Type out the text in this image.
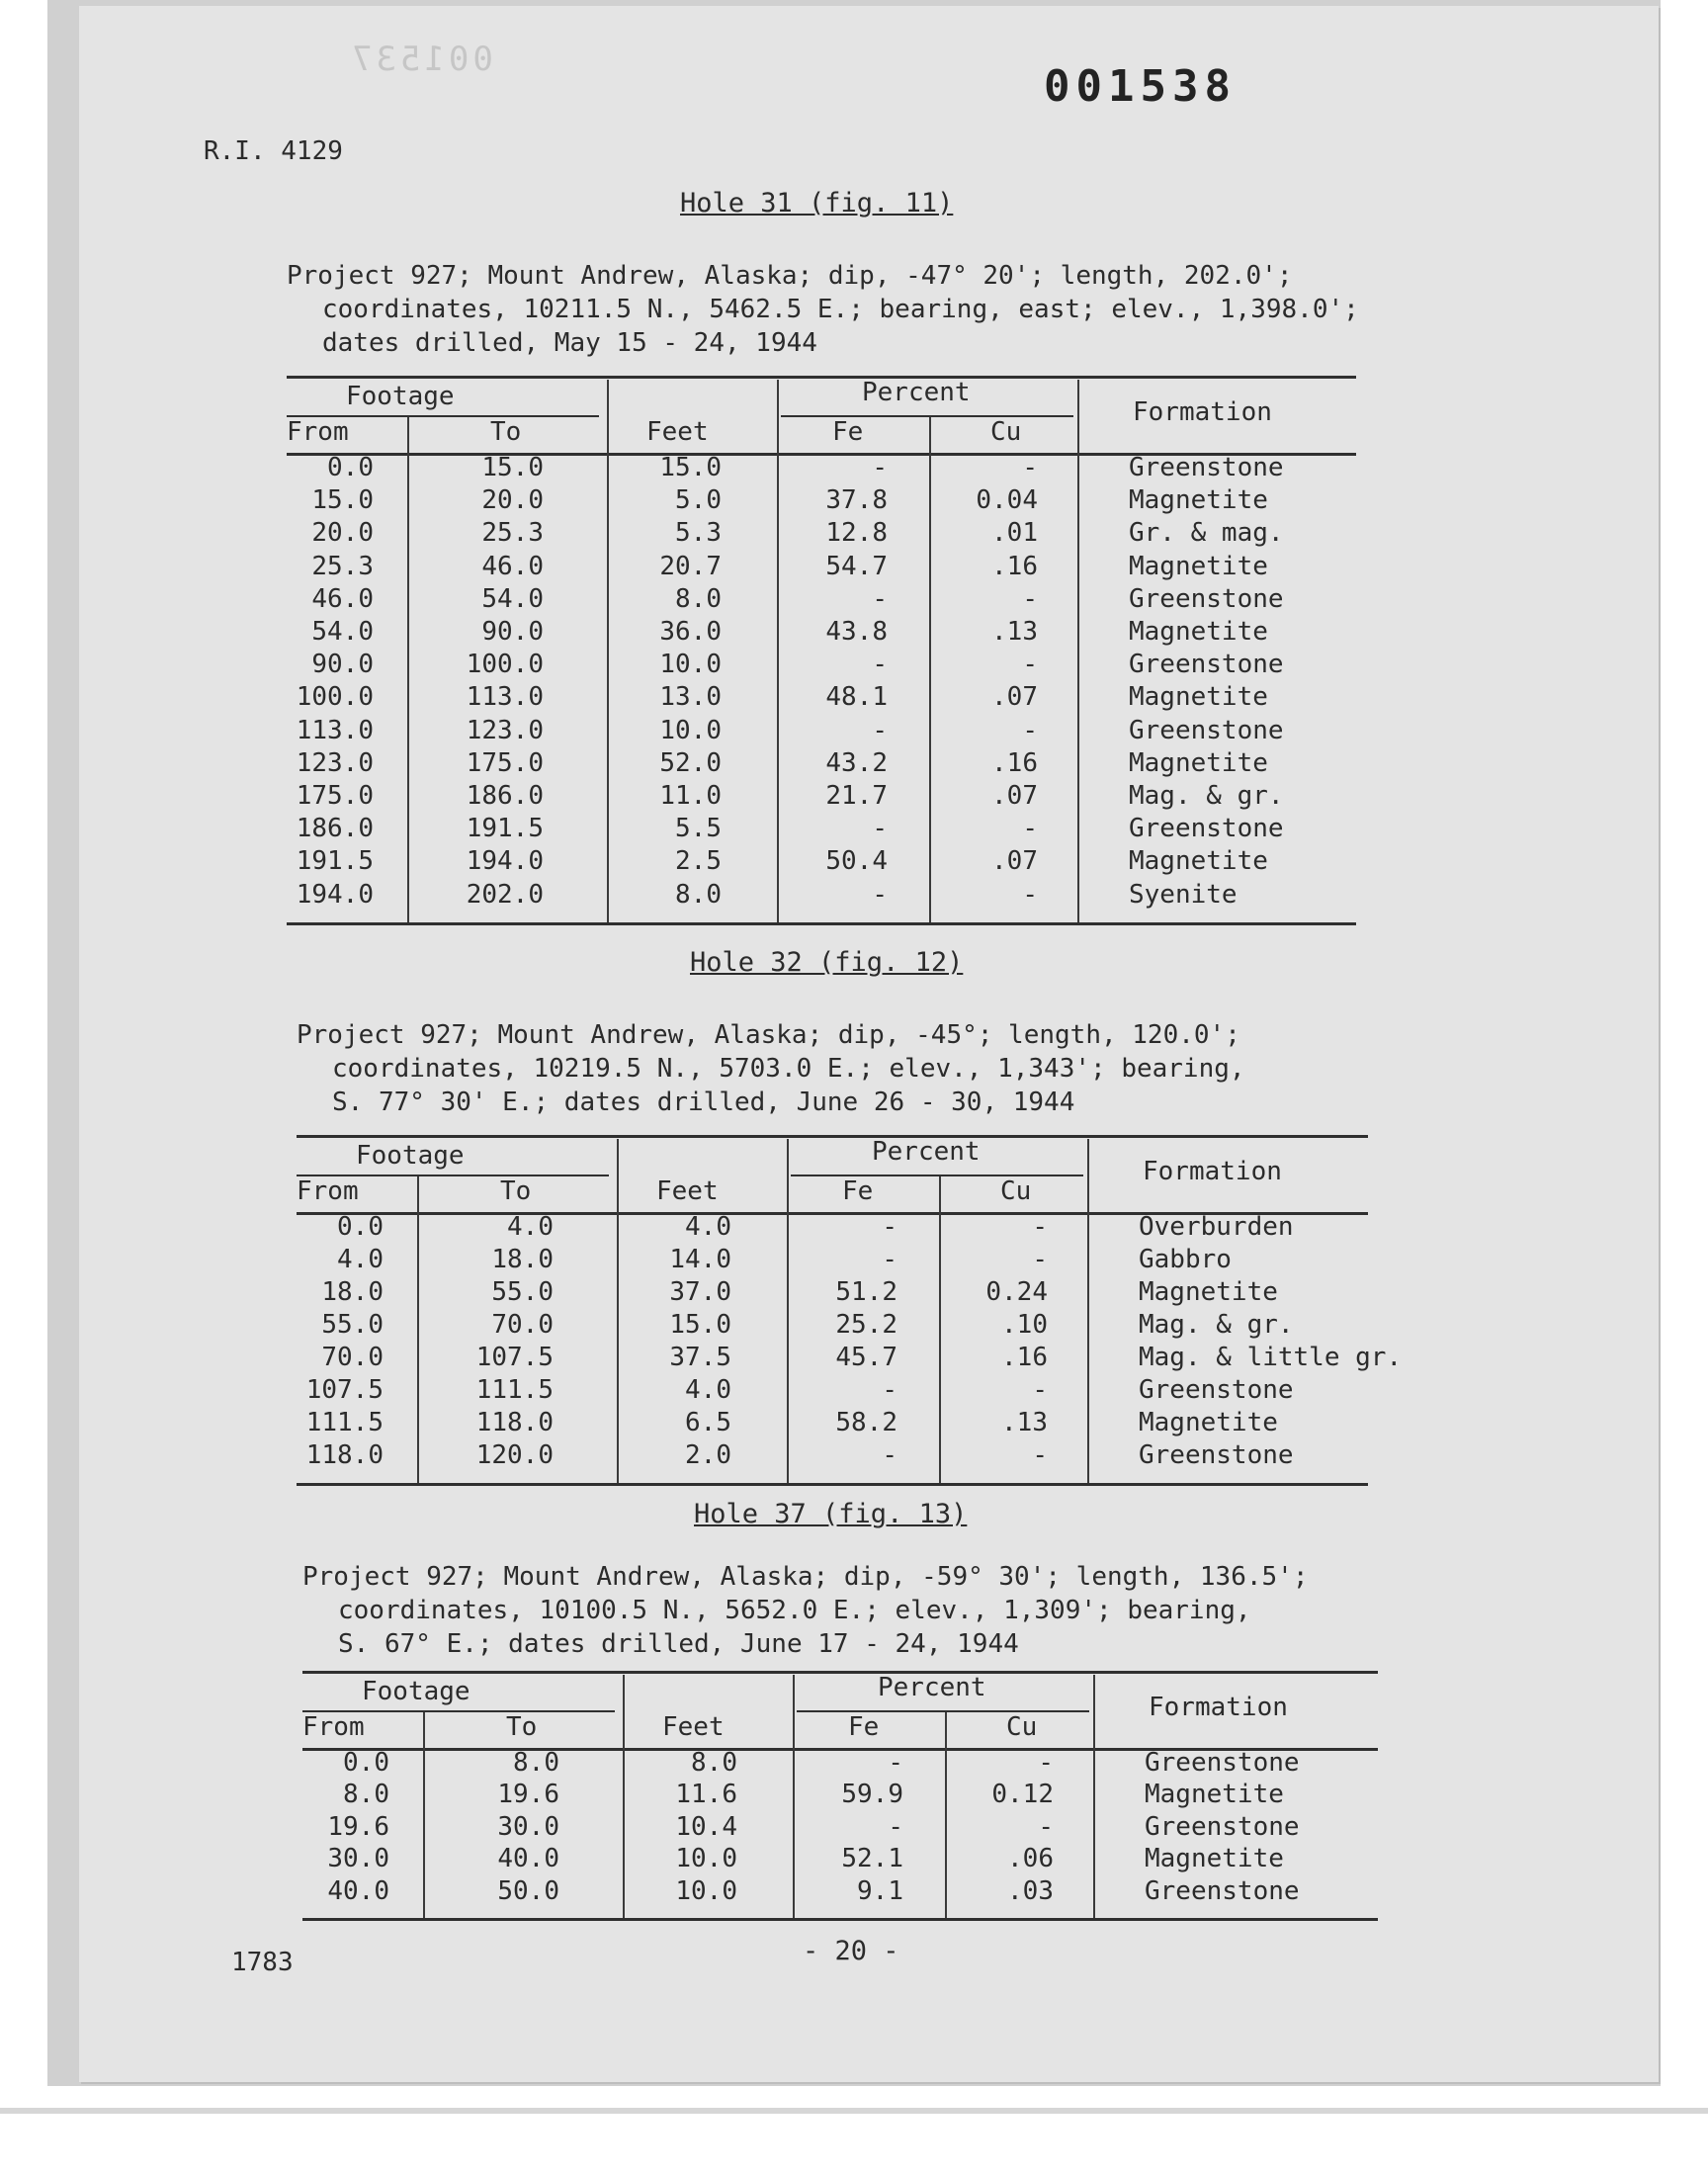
001537
001538
R.I. 4129
Hole 31 (fig. 11)
Project 927; Mount Andrew, Alaska; dip, -47° 20'; length, 202.0';
coordinates, 10211.5 N., 5462.5 E.; bearing, east; elev., 1,398.0';
dates drilled, May 15 - 24, 1944
Footage	Percent
From	To	Feet	Fe	Cu
Formation
0.0	15.0	15.0	-	-	Greenstone
15.0	20.0	5.0	37.8	0.04	Magnetite
20.0	25.3	5.3	12.8	.01	Gr. & mag.
25.3	46.0	20.7	54.7	.16	Magnetite
46.0	54.0	8.0	-	-	Greenstone
54.0	90.0	36.0	43.8	.13	Magnetite
90.0	100.0	10.0	-	-	Greenstone
100.0	113.0	13.0	48.1	.07	Magnetite
113.0	123.0	10.0	-	-	Greenstone
123.0	175.0	52.0	43.2	.16	Magnetite
175.0	186.0	11.0	21.7	.07	Mag. & gr.
186.0	191.5	5.5	-	-	Greenstone
191.5	194.0	2.5	50.4	.07	Magnetite
194.0	202.0	8.0	-	-	Syenite
Hole 32 (fig. 12)
Project 927; Mount Andrew, Alaska; dip, -45°; length, 120.0';
coordinates, 10219.5 N., 5703.0 E.; elev., 1,343'; bearing,
S. 77° 30' E.; dates drilled, June 26 - 30, 1944
Footage	Percent
From	To	Feet	Fe	Cu
Formation
0.0	4.0	4.0	-	-	Overburden
4.0	18.0	14.0	-	-	Gabbro
18.0	55.0	37.0	51.2	0.24	Magnetite
55.0	70.0	15.0	25.2	.10	Mag. & gr.
70.0	107.5	37.5	45.7	.16	Mag. & little gr.
107.5	111.5	4.0	-	-	Greenstone
111.5	118.0	6.5	58.2	.13	Magnetite
118.0	120.0	2.0	-	-	Greenstone
Hole 37 (fig. 13)
Project 927; Mount Andrew, Alaska; dip, -59° 30'; length, 136.5';
coordinates, 10100.5 N., 5652.0 E.; elev., 1,309'; bearing,
S. 67° E.; dates drilled, June 17 - 24, 1944
Footage	Percent
From	To	Feet	Fe	Cu
Formation
0.0	8.0	8.0	-	-	Greenstone
8.0	19.6	11.6	59.9	0.12	Magnetite
19.6	30.0	10.4	-	-	Greenstone
30.0	40.0	10.0	52.1	.06	Magnetite
40.0	50.0	10.0	9.1	.03	Greenstone
1783	- 20 -
